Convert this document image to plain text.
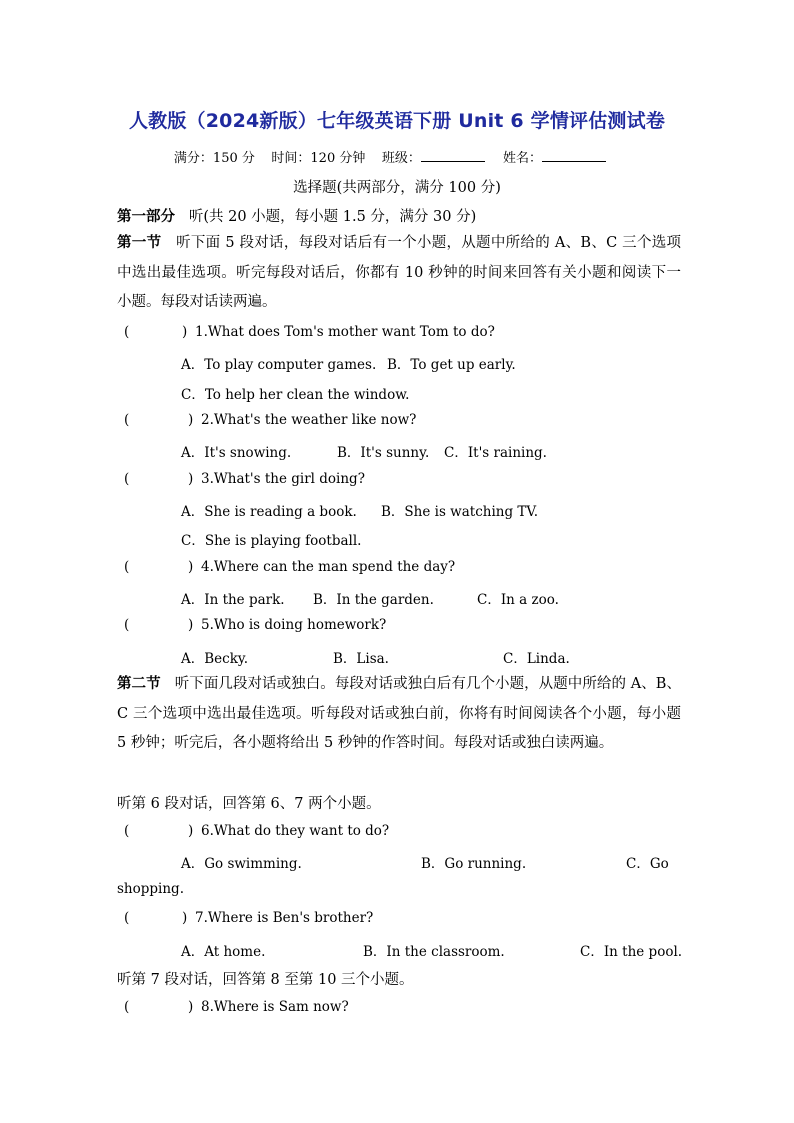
人教版（2024新版）七年级英语下册 Unit 6 学情评估测试卷
满分：150 分 时间：120 分钟 班级：	姓名：
选择题(共两部分，满分 100 分)
第一部分 听(共 20 小题，每小题 1.5 分，满分 30 分)
第一节 听下面 5 段对话，每段对话后有一个小题，从题中所给的 A、B、C 三个选项中选出最佳选项。听完每段对话后，你都有 10 秒钟的时间来回答有关小题和阅读下一小题。每段对话读两遍。
(	) 1.What does Tom's mother want Tom to do?
A．To play computer games. B．To get up early.
C．To help her clean the window.
(	) 2.What's the weather like now?
A．It's snowing.	B．It's sunny. C．It's raining.
(	) 3.What's the girl doing?
A．She is reading a book. B．She is watching TV.
C．She is playing football.
(	) 4.Where can the man spend the day?
A．In the park. B．In the garden.	C．In a zoo.
(	) 5.Who is doing homework?
A．Becky.	B．Lisa.	C．Linda.
第二节 听下面几段对话或独白。每段对话或独白后有几个小题，从题中所给的 A、B、C 三个选项中选出最佳选项。听每段对话或独白前，你将有时间阅读各个小题，每小题 5 秒钟；听完后，各小题将给出 5 秒钟的作答时间。每段对话或独白读两遍。
听第 6 段对话，回答第 6、7 两个小题。
(	) 6.What do they want to do?
A．Go swimming.	B．Go running.	C．Go
shopping.
(	) 7.Where is Ben's brother?
A．At home.	B．In the classroom.	C．In the pool.
听第 7 段对话，回答第 8 至第 10 三个小题。
(	) 8.Where is Sam now?
